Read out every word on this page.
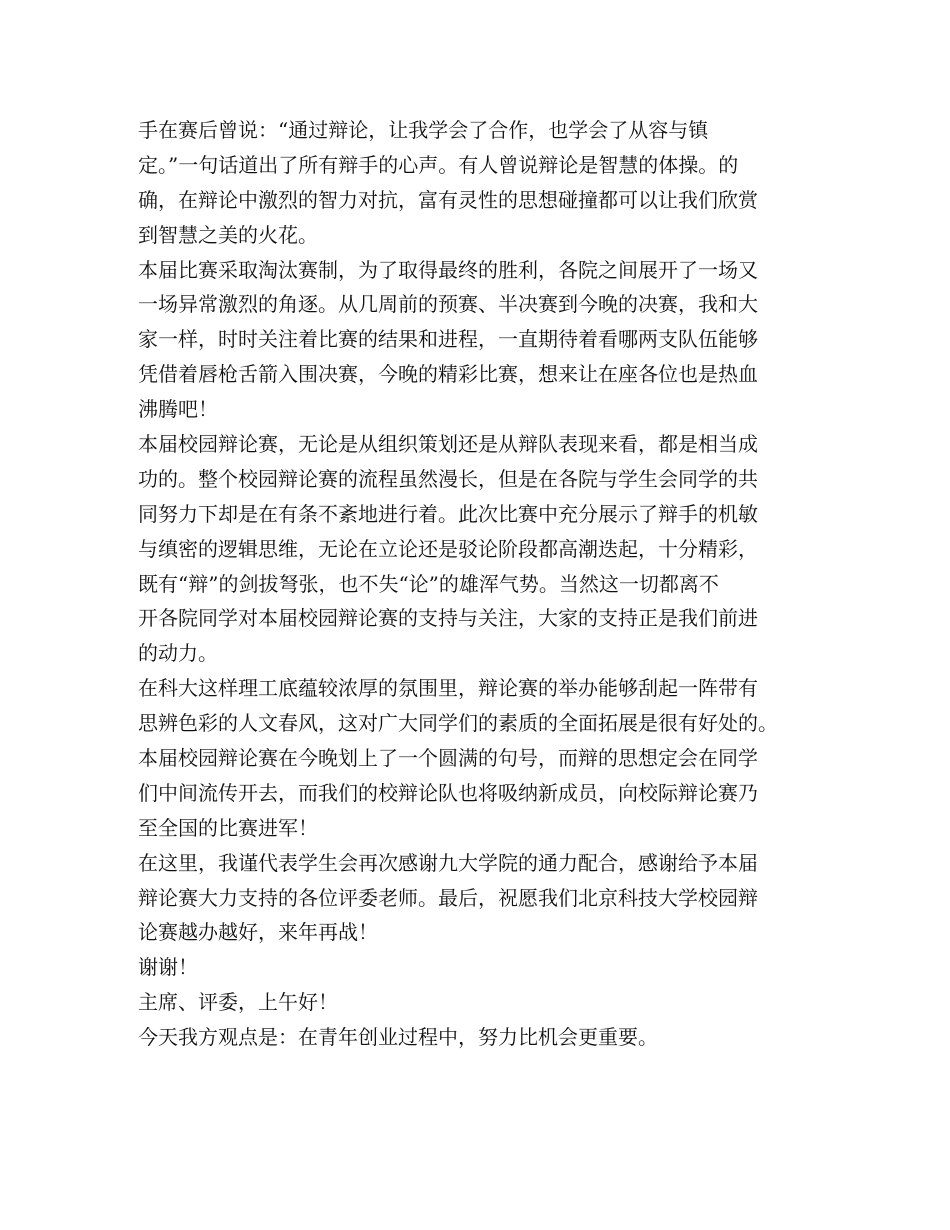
手在赛后曾说：“通过辩论，让我学会了合作，也学会了从容与镇
定。”一句话道出了所有辩手的心声。有人曾说辩论是智慧的体操。的
确，在辩论中激烈的智力对抗，富有灵性的思想碰撞都可以让我们欣赏
到智慧之美的火花。
本届比赛采取淘汰赛制，为了取得最终的胜利，各院之间展开了一场又
一场异常激烈的角逐。从几周前的预赛、半决赛到今晚的决赛，我和大
家一样，时时关注着比赛的结果和进程，一直期待着看哪两支队伍能够
凭借着唇枪舌箭入围决赛，今晚的精彩比赛，想来让在座各位也是热血
沸腾吧！
本届校园辩论赛，无论是从组织策划还是从辩队表现来看，都是相当成
功的。整个校园辩论赛的流程虽然漫长，但是在各院与学生会同学的共
同努力下却是在有条不紊地进行着。此次比赛中充分展示了辩手的机敏
与缜密的逻辑思维，无论在立论还是驳论阶段都高潮迭起，十分精彩，
既有“辩”的剑拔弩张，也不失“论”的雄浑气势。当然这一切都离不
开各院同学对本届校园辩论赛的支持与关注，大家的支持正是我们前进
的动力。
在科大这样理工底蕴较浓厚的氛围里，辩论赛的举办能够刮起一阵带有
思辨色彩的人文春风，这对广大同学们的素质的全面拓展是很有好处的。
本届校园辩论赛在今晚划上了一个圆满的句号，而辩的思想定会在同学
们中间流传开去，而我们的校辩论队也将吸纳新成员，向校际辩论赛乃
至全国的比赛进军！
在这里，我谨代表学生会再次感谢九大学院的通力配合，感谢给予本届
辩论赛大力支持的各位评委老师。最后，祝愿我们北京科技大学校园辩
论赛越办越好，来年再战！
谢谢！
主席、评委，上午好！
今天我方观点是：在青年创业过程中，努力比机会更重要。
